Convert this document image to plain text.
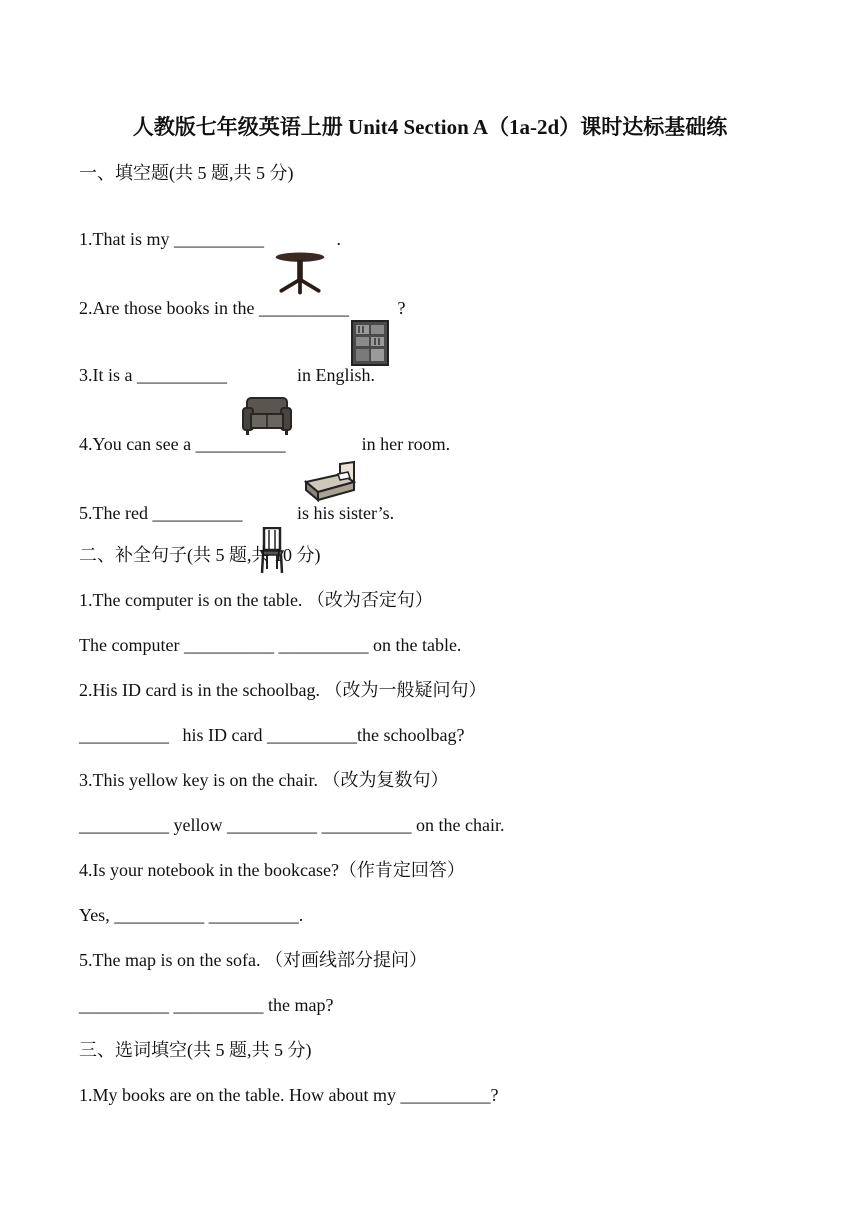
人教版七年级英语上册 Unit4 Section A（1a-2d）课时达标基础练
一、填空题(共 5 题,共 5 分)
1.That is my __________

	.
2.Are those books in the __________

?
3.It is a __________

	in English.
4.You can see a __________

	in her room.
5.The red __________

	is his sister’s.
二、补全句子(共 5 题,共 10 分)
1.The computer is on the table. （改为否定句）
The computer __________ __________ on the table.
2.His ID card is in the schoolbag. （改为一般疑问句）
__________   his ID card __________the schoolbag?
3.This yellow key is on the chair. （改为复数句）
__________ yellow __________ __________ on the chair.
4.Is your notebook in the bookcase?（作肯定回答）
Yes, __________ __________.
5.The map is on the sofa. （对画线部分提问）
__________ __________ the map?
三、选词填空(共 5 题,共 5 分)
1.My books are on the table. How about my __________?
